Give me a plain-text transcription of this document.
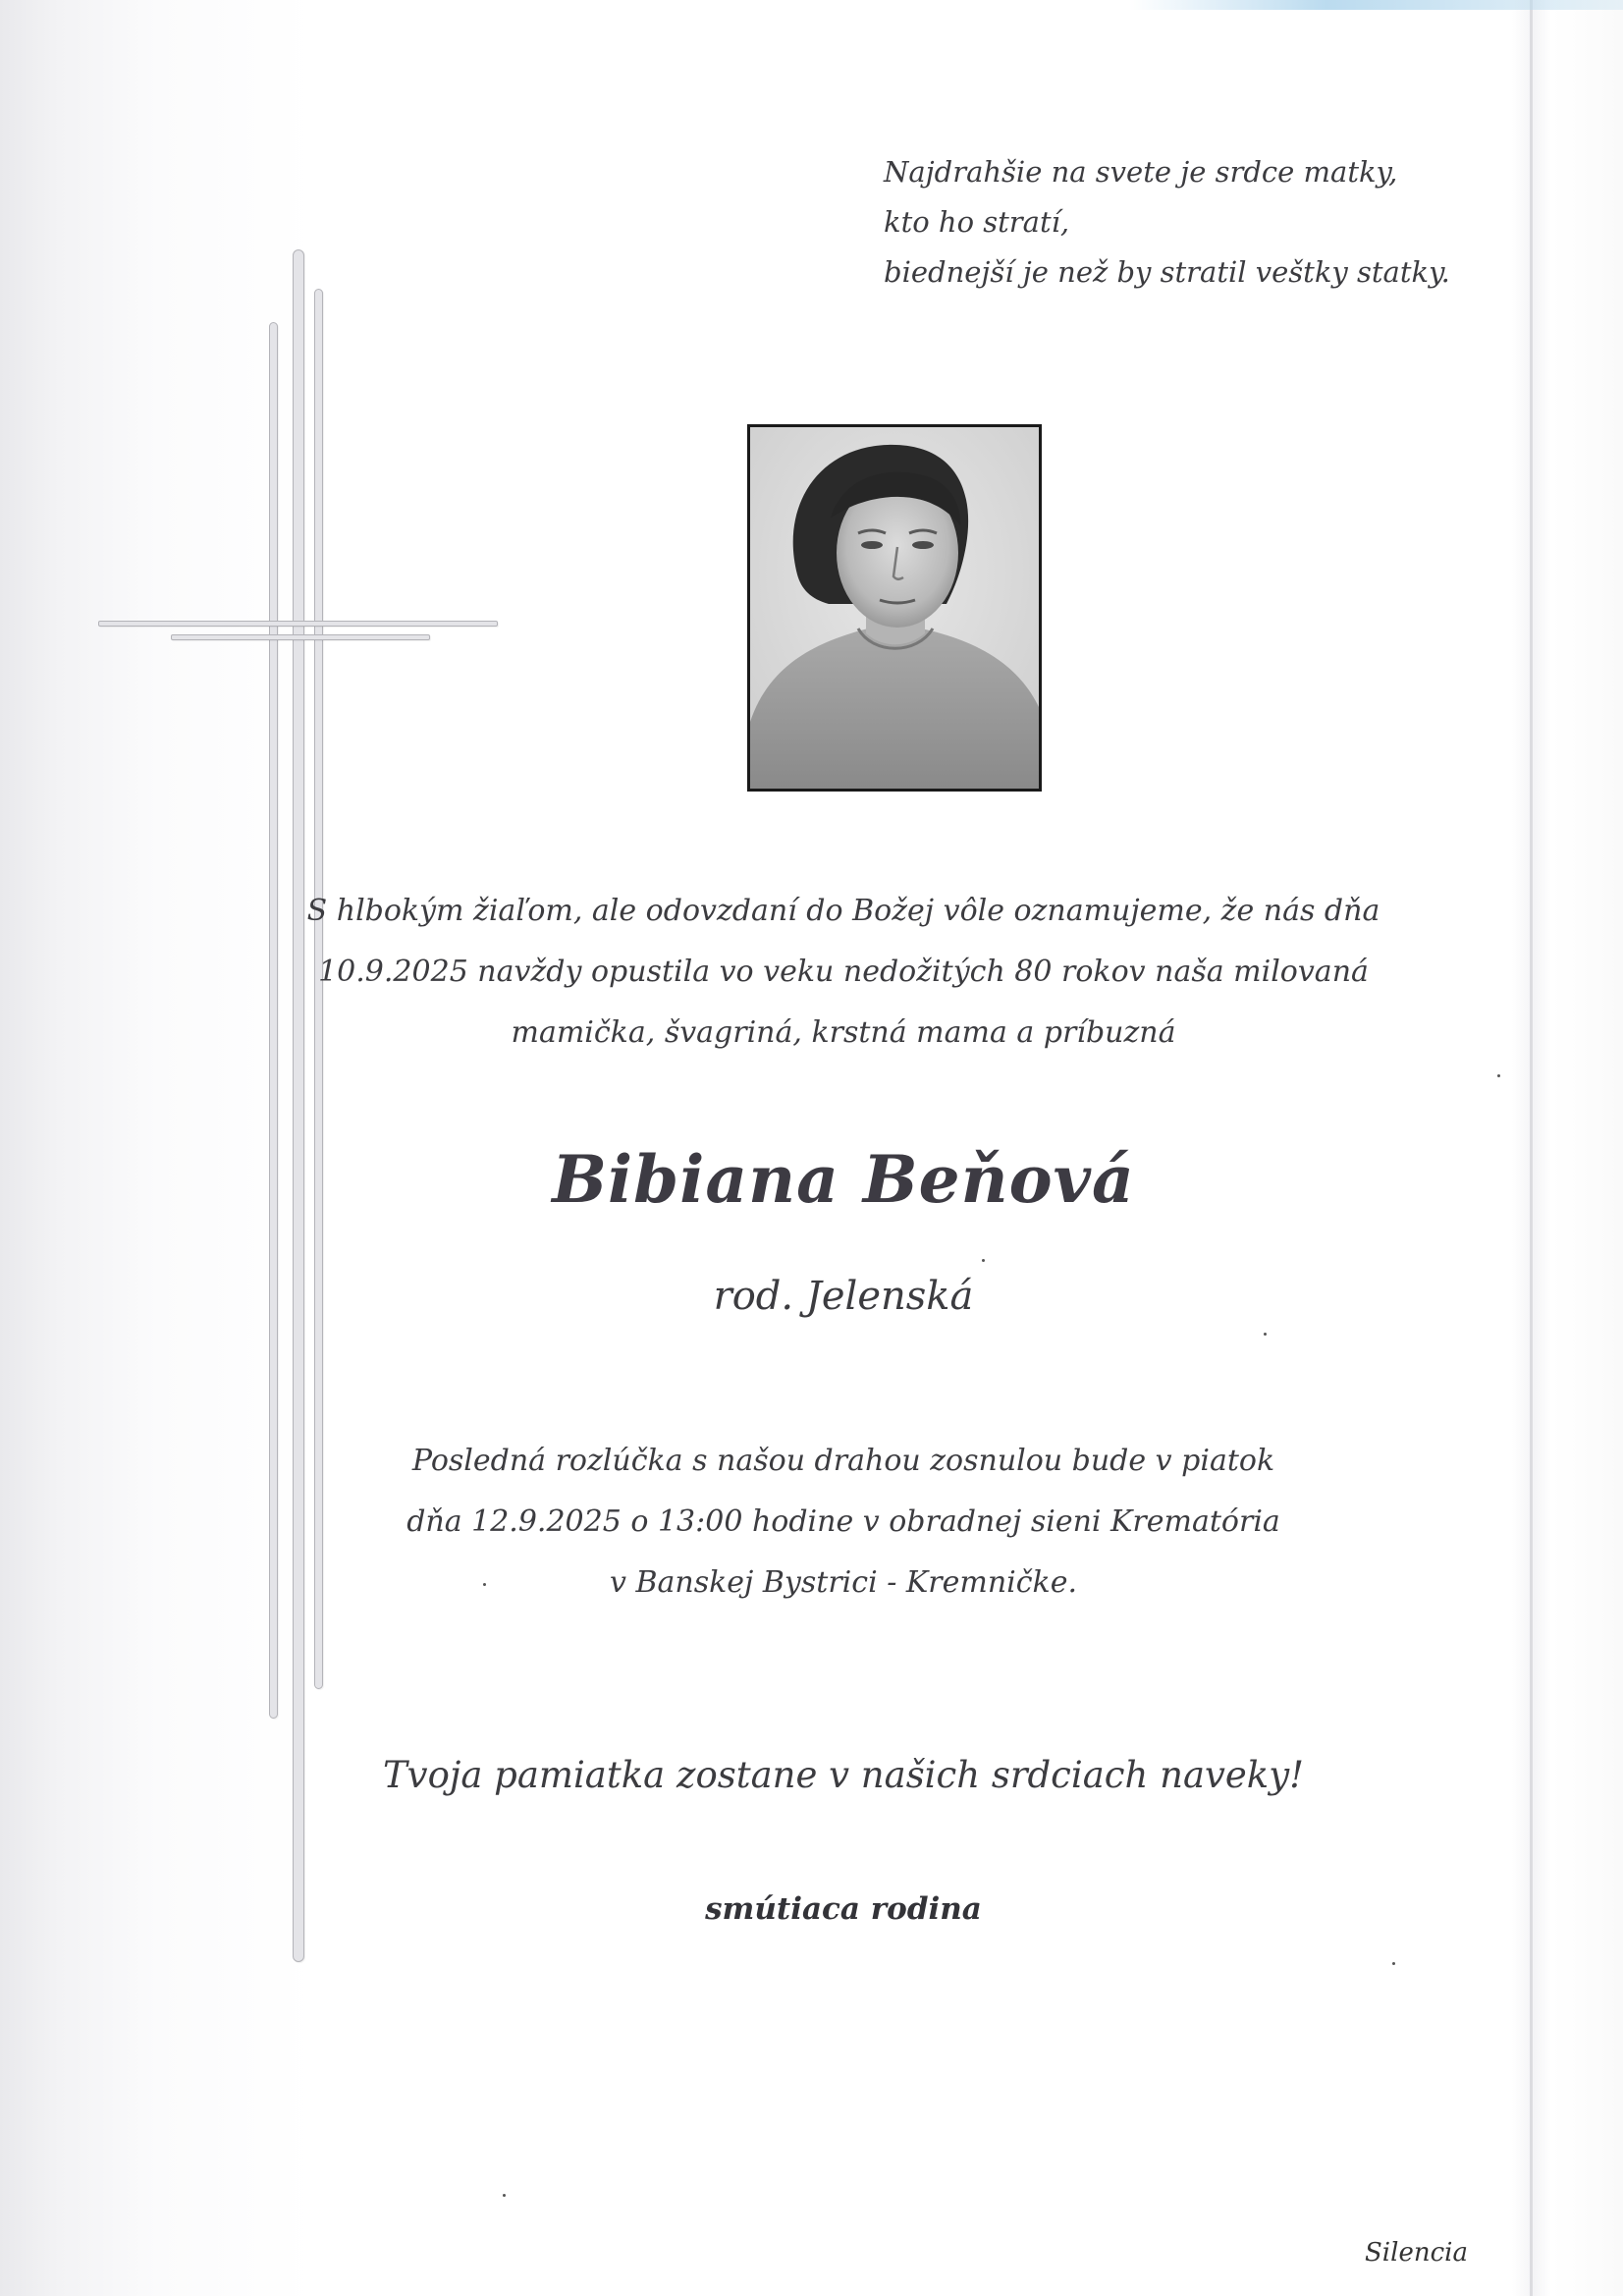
Najdrahšie na svete je srdce matky,
kto ho stratí,
biednejší je než by stratil veštky statky.
S hlbokým žiaľom, ale odovzdaní do Božej vôle oznamujeme, že nás dňa
10.9.2025 navždy opustila vo veku nedožitých 80 rokov naša milovaná
mamička, švagriná, krstná mama a príbuzná
Bibiana Beňová
rod. Jelenská
Posledná rozlúčka s našou drahou zosnulou bude v piatok
dňa 12.9.2025 o 13:00 hodine v obradnej sieni Krematória
v Banskej Bystrici - Kremničke.
Tvoja pamiatka zostane v našich srdciach naveky!
smútiaca rodina
Silencia
